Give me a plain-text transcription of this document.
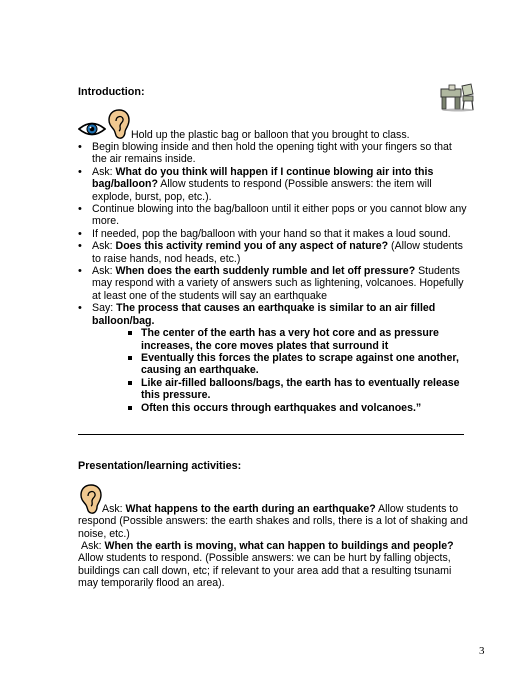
Introduction:
Hold up the plastic bag or balloon that you brought to class.
• Begin blowing inside and then hold the opening tight with your fingers so that the air remains inside.
• Ask: What do you think will happen if I continue blowing air into this bag/balloon? Allow students to respond (Possible answers: the item will explode, burst, pop, etc.).
• Continue blowing into the bag/balloon until it either pops or you cannot blow any more.
• If needed, pop the bag/balloon with your hand so that it makes a loud sound.
• Ask: Does this activity remind you of any aspect of nature? (Allow students to raise hands, nod heads, etc.)
• Ask: When does the earth suddenly rumble and let off pressure? Students may respond with a variety of answers such as lightening, volcanoes. Hopefully at least one of the students will say an earthquake
• Say: The process that causes an earthquake is similar to an air filled balloon/bag.
The center of the earth has a very hot core and as pressure increases, the core moves plates that surround it
Eventually this forces the plates to scrape against one another, causing an earthquake.
Like air-filled balloons/bags, the earth has to eventually release this pressure.
Often this occurs through earthquakes and volcanoes.”
Presentation/learning activities:
Ask: What happens to the earth during an earthquake? Allow students to respond (Possible answers: the earth shakes and rolls, there is a lot of shaking and noise, etc.)
Ask: When the earth is moving, what can happen to buildings and people? Allow students to respond. (Possible answers: we can be hurt by falling objects, buildings can call down, etc; if relevant to your area add that a resulting tsunami may temporarily flood an area).
3
